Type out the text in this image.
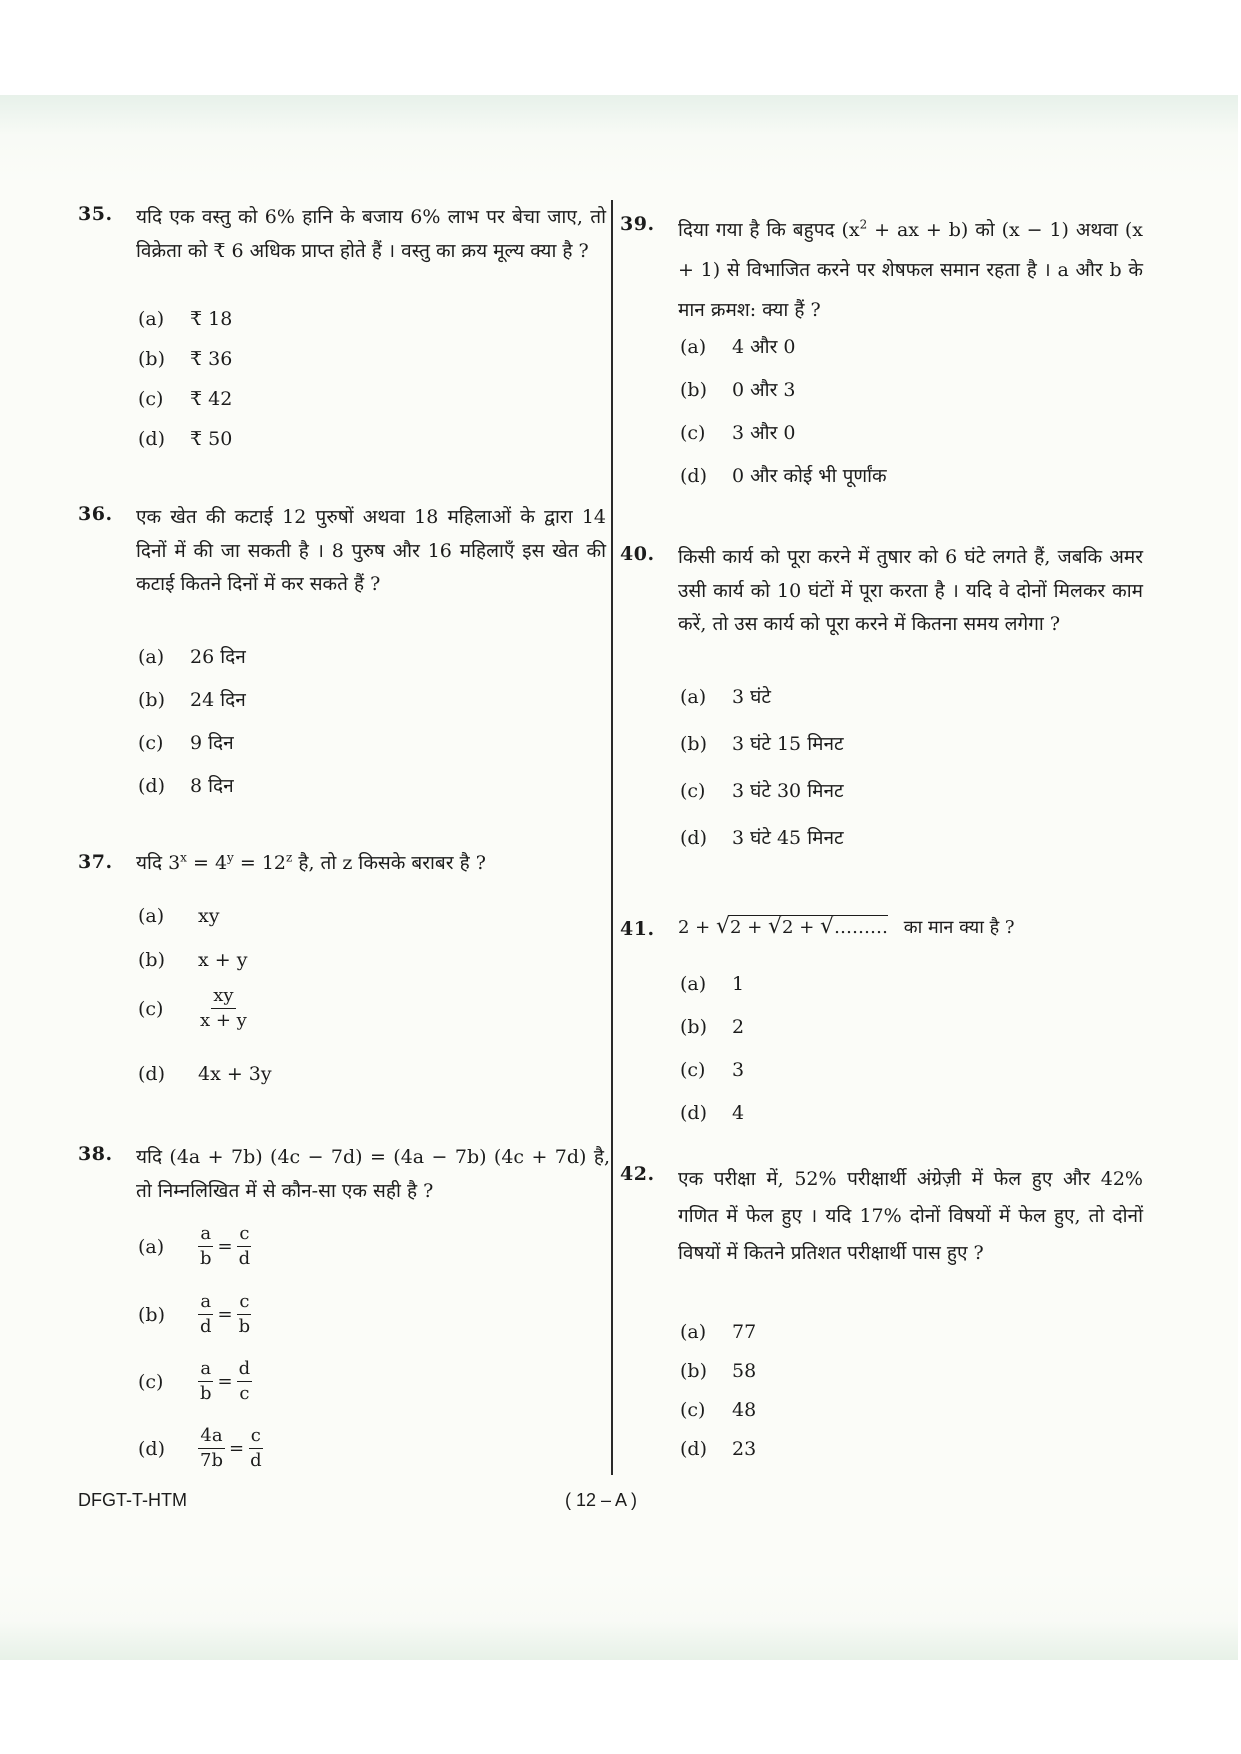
35. यदि एक वस्तु को 6% हानि के बजाय 6% लाभ पर बेचा जाए, तो विक्रेता को ₹ 6 अधिक प्राप्त होते हैं । वस्तु का क्रय मूल्य क्या है ?
(a) ₹ 18
(b) ₹ 36
(c) ₹ 42
(d) ₹ 50
36. एक खेत की कटाई 12 पुरुषों अथवा 18 महिलाओं के द्वारा 14 दिनों में की जा सकती है । 8 पुरुष और 16 महिलाएँ इस खेत की कटाई कितने दिनों में कर सकते हैं ?
(a) 26 दिन
(b) 24 दिन
(c) 9 दिन
(d) 8 दिन
37. यदि $3^x = 4^y = 12^z$ है, तो z किसके बराबर है ?
(a) xy
(b) x + y
$(c) \frac{xy}{x + y}$
(d) 4x + 3y
38. यदि (4a + 7b) (4c − 7d) = (4a − 7b) (4c + 7d) है, तो निम्नलिखित में से कौन-सा एक सही है ?
$(a) \frac{a}{b} = \frac{c}{d}$
$(b) \frac{a}{d} = \frac{c}{b}$
$(c) \frac{a}{b} = \frac{d}{c}$
$(d) \frac{4a}{7b} = \frac{c}{d}$
39. दिया गया है कि बहुपद ($x^2$ + ax + b) को (x − 1) अथवा (x + 1) से विभाजित करने पर शेषफल समान रहता है । a और b के मान क्रमश: क्या हैं ?
(a) 4 और 0
(b) 0 और 3
(c) 3 और 0
(d) 0 और कोई भी पूर्णांक
40. किसी कार्य को पूरा करने में तुषार को 6 घंटे लगते हैं, जबकि अमर उसी कार्य को 10 घंटों में पूरा करता है । यदि वे दोनों मिलकर काम करें, तो उस कार्य को पूरा करने में कितना समय लगेगा ?
(a) 3 घंटे
(b) 3 घंटे 15 मिनट
(c) 3 घंटे 30 मिनट
(d) 3 घंटे 45 मिनट
41. 2 + √2 + √2 + √……… का मान क्या है ?
(a) 1
(b) 2
(c) 3
(d) 4
42. एक परीक्षा में, 52% परीक्षार्थी अंग्रेज़ी में फेल हुए और 42% गणित में फेल हुए । यदि 17% दोनों विषयों में फेल हुए, तो दोनों विषयों में कितने प्रतिशत परीक्षार्थी पास हुए ?
(a) 77
(b) 58
(c) 48
(d) 23
DFGT-T-HTM	( 12 – A )
